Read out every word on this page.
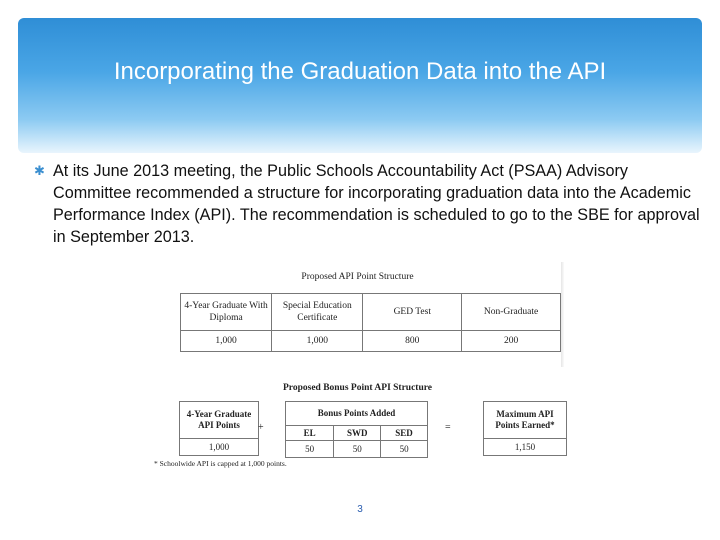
Incorporating the Graduation Data into the API
✱ At its June 2013 meeting, the Public Schools Accountability Act (PSAA) Advisory Committee recommended a structure for incorporating graduation data into the Academic Performance Index (API). The recommendation is scheduled to go to the SBE for approval in September 2013.
Proposed API Point Structure
4-Year Graduate With Diploma	Special Education Certificate	GED Test	Non-Graduate
1,000	1,000	800	200
Proposed Bonus Point API Structure
4-Year Graduate API Points
1,000
+
Bonus Points Added		
EL	SWD	SED
50	50	50
=
Maximum API Points Earned*
1,150
* Schoolwide API is capped at 1,000 points.
3
